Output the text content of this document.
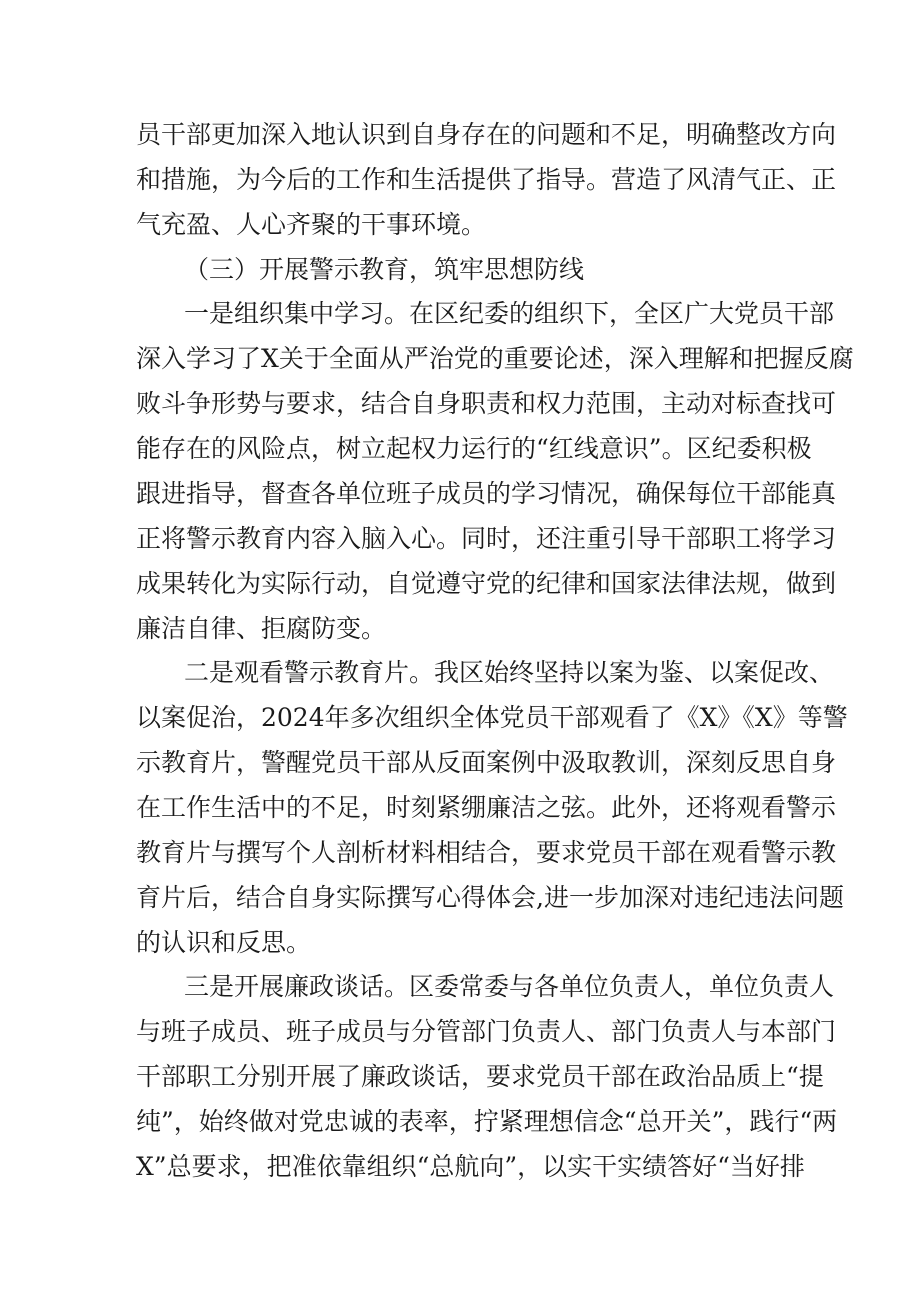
员干部更加深入地认识到自身存在的问题和不足，明确整改方向
和措施，为今后的工作和生活提供了指导。营造了风清气正、正
气充盈、人心齐聚的干事环境。
（三）开展警示教育，筑牢思想防线
一是组织集中学习。在区纪委的组织下，全区广大党员干部
深入学习了X关于全面从严治党的重要论述，深入理解和把握反腐
败斗争形势与要求，结合自身职责和权力范围，主动对标查找可
能存在的风险点，树立起权力运行的“红线意识”。区纪委积极
跟进指导，督查各单位班子成员的学习情况，确保每位干部能真
正将警示教育内容入脑入心。同时，还注重引导干部职工将学习
成果转化为实际行动，自觉遵守党的纪律和国家法律法规，做到
廉洁自律、拒腐防变。
二是观看警示教育片。我区始终坚持以案为鉴、以案促改、
以案促治，2024年多次组织全体党员干部观看了《X》《X》等警
示教育片，警醒党员干部从反面案例中汲取教训，深刻反思自身
在工作生活中的不足，时刻紧绷廉洁之弦。此外，还将观看警示
教育片与撰写个人剖析材料相结合，要求党员干部在观看警示教
育片后，结合自身实际撰写心得体会,进一步加深对违纪违法问题
的认识和反思。
三是开展廉政谈话。区委常委与各单位负责人，单位负责人
与班子成员、班子成员与分管部门负责人、部门负责人与本部门
干部职工分别开展了廉政谈话，要求党员干部在政治品质上“提
纯”，始终做对党忠诚的表率，拧紧理想信念“总开关”，践行“两
X”总要求，把准依靠组织“总航向”，以实干实绩答好“当好排
